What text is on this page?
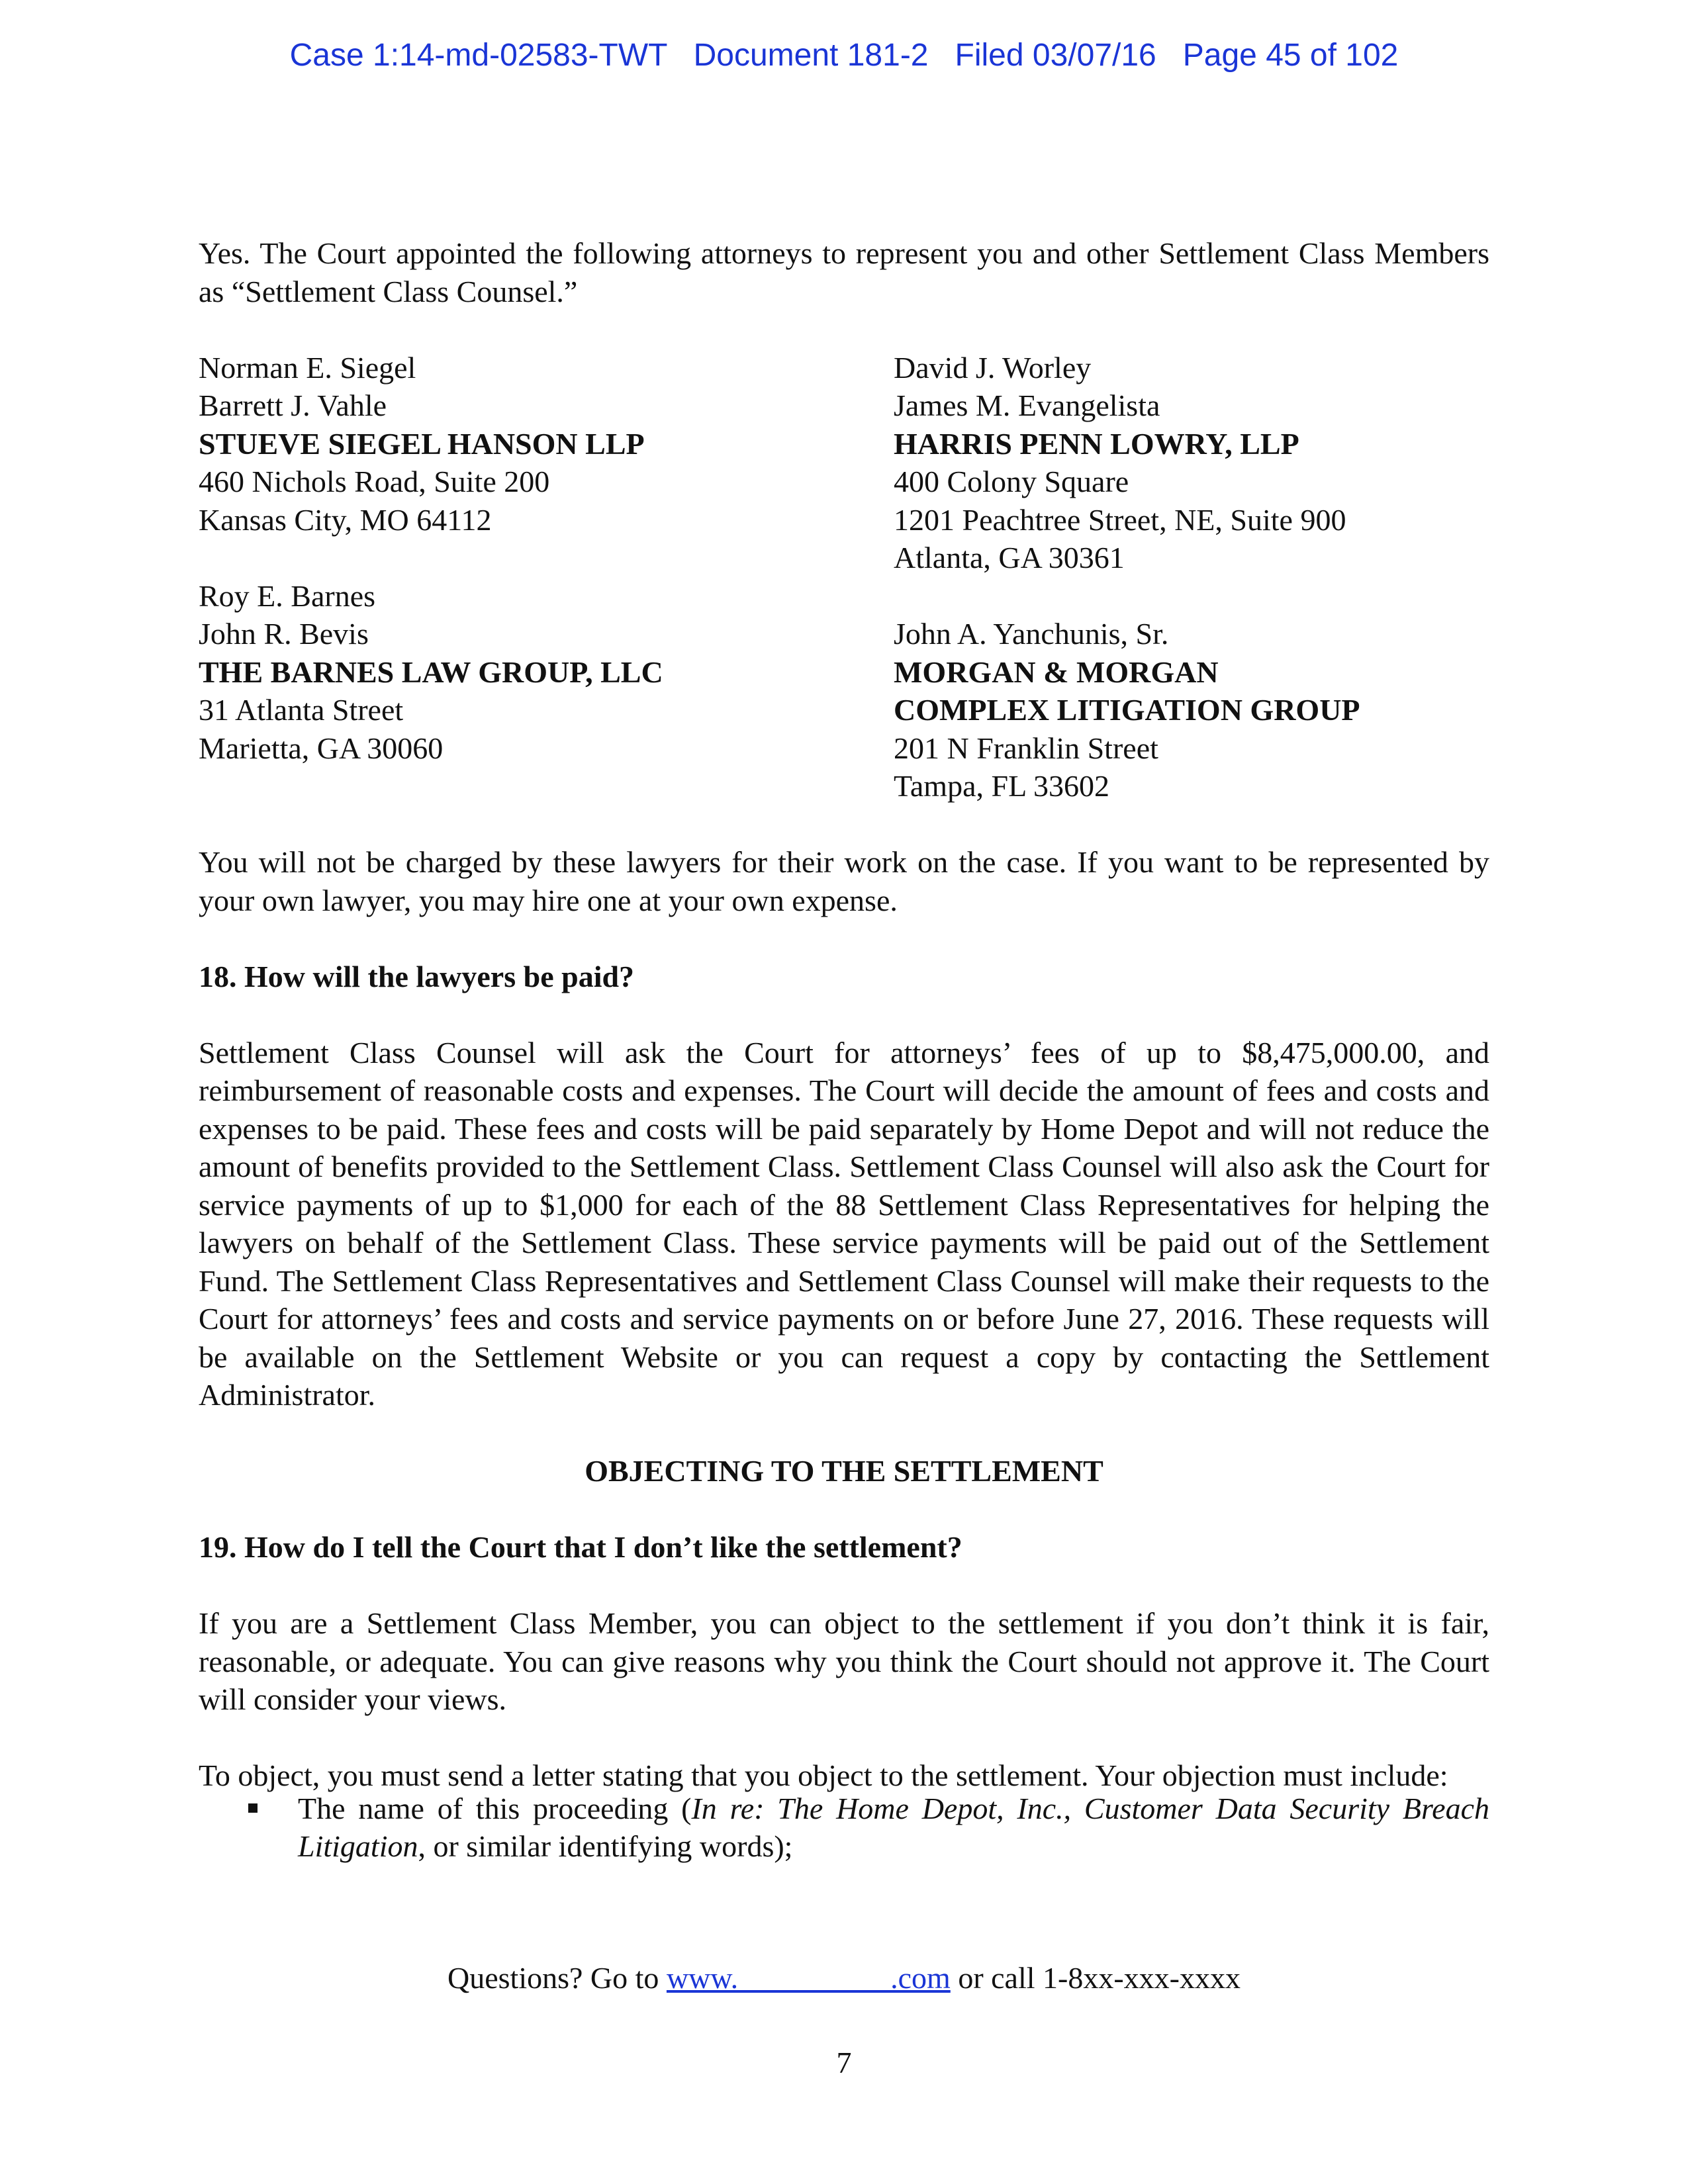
Case 1:14-md-02583-TWT Document 181-2 Filed 03/07/16 Page 45 of 102

Yes. The Court appointed the following attorneys to represent you and other Settlement Class Members as “Settlement Class Counsel.”

Norman E. Siegel
Barrett J. Vahle
STUEVE SIEGEL HANSON LLP
460 Nichols Road, Suite 200
Kansas City, MO 64112
Roy E. Barnes
John R. Bevis
THE BARNES LAW GROUP, LLC
31 Atlanta Street
Marietta, GA 30060
David J. Worley
James M. Evangelista
HARRIS PENN LOWRY, LLP
400 Colony Square
1201 Peachtree Street, NE, Suite 900
Atlanta, GA 30361
John A. Yanchunis, Sr.
MORGAN & MORGAN
COMPLEX LITIGATION GROUP
201 N Franklin Street
Tampa, FL 33602

You will not be charged by these lawyers for their work on the case. If you want to be represented by your own lawyer, you may hire one at your own expense.

18. How will the lawyers be paid?

Settlement Class Counsel will ask the Court for attorneys’ fees of up to $8,475,000.00, and reimbursement of reasonable costs and expenses. The Court will decide the amount of fees and costs and expenses to be paid. These fees and costs will be paid separately by Home Depot and will not reduce the amount of benefits provided to the Settlement Class. Settlement Class Counsel will also ask the Court for service payments of up to $1,000 for each of the 88 Settlement Class Representatives for helping the lawyers on behalf of the Settlement Class. These service payments will be paid out of the Settlement Fund. The Settlement Class Representatives and Settlement Class Counsel will make their requests to the Court for attorneys’ fees and costs and service payments on or before June 27, 2016. These requests will be available on the Settlement Website or you can request a copy by contacting the Settlement Administrator.

OBJECTING TO THE SETTLEMENT
19. How do I tell the Court that I don’t like the settlement?

If you are a Settlement Class Member, you can object to the settlement if you don’t think it is fair, reasonable, or adequate. You can give reasons why you think the Court should not approve it. The Court will consider your views.

To object, you must send a letter stating that you object to the settlement. Your objection must include:

The name of this proceeding (In re: The Home Depot, Inc., Customer Data Security Breach Litigation, or similar identifying words);
Questions? Go to www.__________.com or call 1-8xx-xxx-xxxx
7
